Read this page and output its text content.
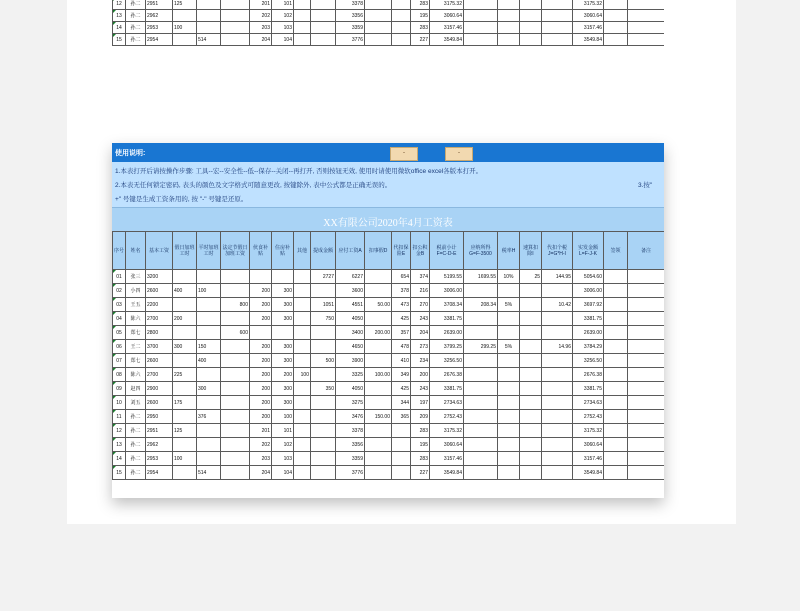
12	孙二	2951	125			201	101			3378			283	3175.32					3175.32		
13	孙二	2962				202	102			3356			195	3060.64					3060.64		
14	孙二	2953	100			203	103			3359			283	3157.46					3157.46		
15	孙二	2954		514		204	104			3776			227	3549.84					3549.84		
使用说明:	-	-
1.本表打开后请按操作步骤: 工具--宏--安全性--低--保存--关闭--再打开, 否则按钮无效, 使用时请使用微软office excel各版本打开。
2.本表无任何锁定密码, 表头的颜色及文字格式可随意更改, 按键除外, 表中公式都是正确无误的。	3.按"
+" 号键是生成工资条用的, 按 "-" 号键是还原。
XX有限公司2020年4月工资表
序号	姓名	基本工资	假日加班工时	平时加班工时	法定节假日加班工资	伙食补贴	住房补贴	其他	提成金额	应付工资A	扣事假D	代扣保险E	扣公积金B	税前小计F=C-D-E	应纳所得G=F-3500	税率H	速算扣除I	代扣个税J=G*H-I	实发金额L=F-J-K	签领	备注
01	张三	3200							2727	6227		654	374	5199.55	1699.55	10%	25	144.95	5054.60		
02	小四	2600	400	100		200	300			3600		378	216	3006.00					3006.00		
03	王五	2200			800	200	300		1051	4551	50.00	473	270	3708.34	208.34	5%		10.42	3697.92		
04	陈六	2700	200			200	300		750	4050		425	243	3381.75					3381.75		
05	郑七	2800			600					3400	200.00	357	204	2639.00					2639.00		
06	王二	3700	300	150		200	300			4650		478	273	3799.25	299.25	5%		14.96	3784.29		
07	郑七	2600		400		200	300		500	3900		410	234	3256.50					3256.50		
08	陈六	2700	225			200	200	100		3325	100.00	349	200	2676.38					2676.38		
09	赵四	2900		300		200	300		350	4050		425	243	3381.75					3381.75		
10	刘五	2600	175			200	300			3275		344	197	2734.63					2734.63		
11	孙二	2950		376		200	100			3476	150.00	365	209	2752.43					2752.43		
12	孙二	2951	125			201	101			3378			283	3175.32					3175.32		
13	孙二	2962				202	102			3356			195	3060.64					3060.64		
14	孙二	2953	100			203	103			3359			283	3157.46					3157.46		
15	孙二	2954		514		204	104			3776			227	3549.84					3549.84		
